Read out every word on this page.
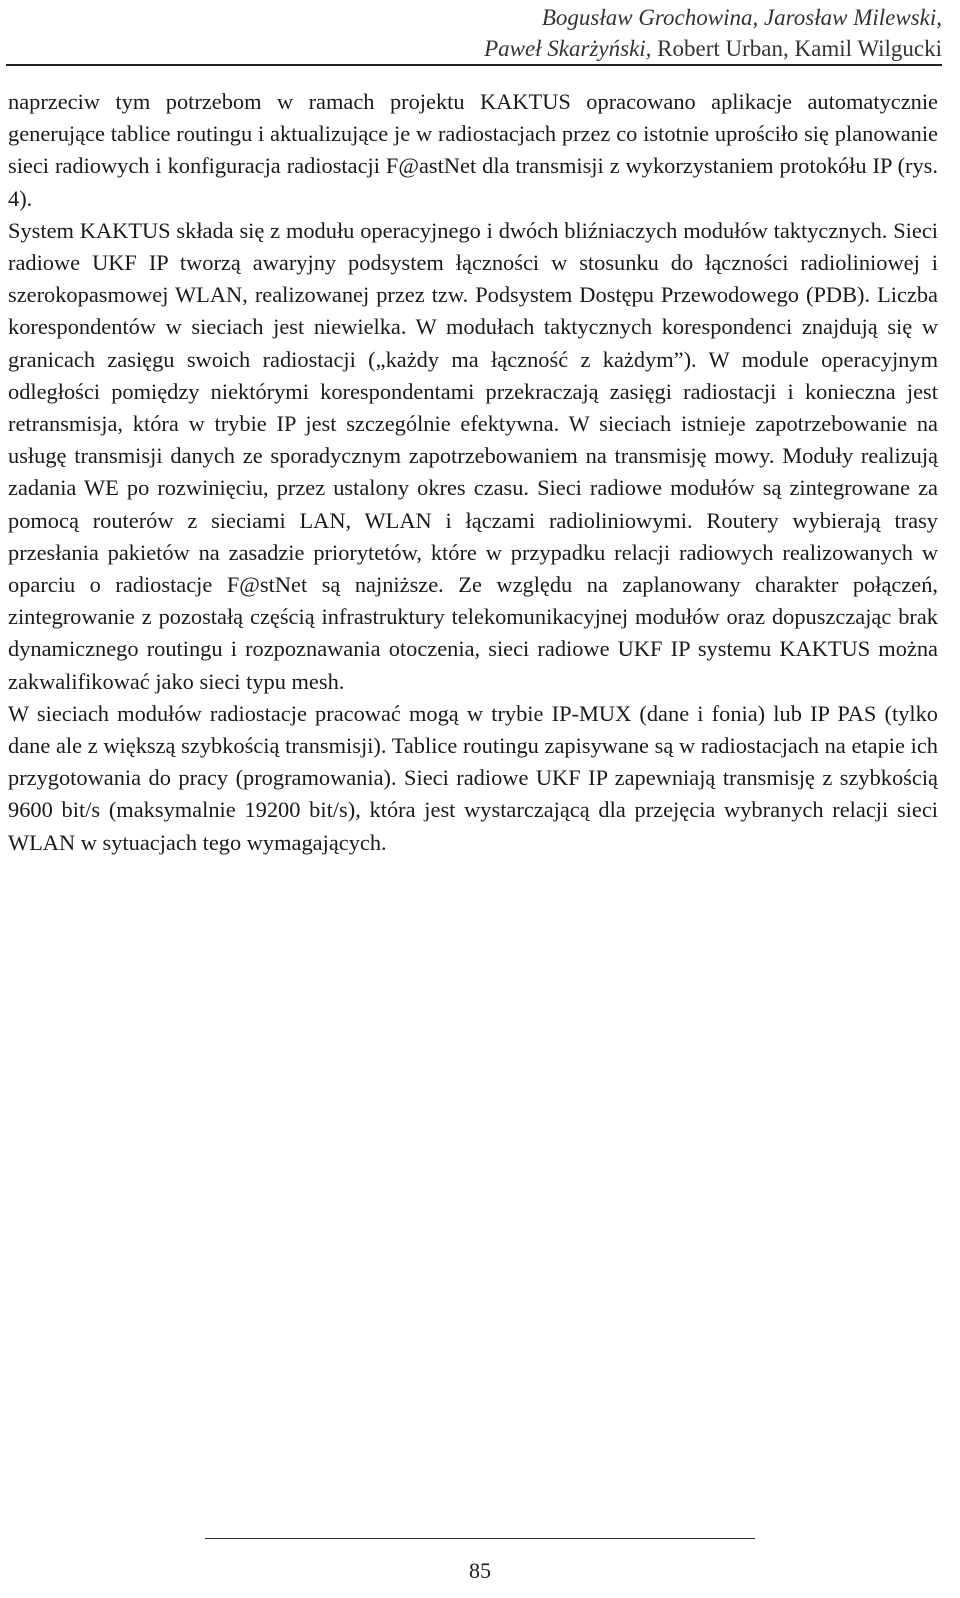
Bogusław Grochowina, Jarosław Milewski,
Paweł Skarżyński, Robert Urban, Kamil Wilgucki

naprzeciw tym potrzebom w ramach projektu KAKTUS opracowano aplikacje automatycznie generujące tablice routingu i aktualizujące je w radiostacjach przez co istotnie uprościło się planowanie sieci radiowych i konfiguracja radiostacji F@astNet dla transmisji z wykorzystaniem protokółu IP (rys. 4).

System KAKTUS składa się z modułu operacyjnego i dwóch bliźniaczych modułów taktycznych. Sieci radiowe UKF IP tworzą awaryjny podsystem łączności w stosunku do łączności radioliniowej i szerokopasmowej WLAN, realizowanej przez tzw. Podsystem Dostępu Przewodowego (PDB). Liczba korespondentów w sieciach jest niewielka. W modułach taktycznych korespondenci znajdują się w granicach zasięgu swoich radiostacji („każdy ma łączność z każdym”). W module operacyjnym odległości pomiędzy niektórymi korespondentami przekraczają zasięgi radiostacji i konieczna jest retransmisja, która w trybie IP jest szczególnie efektywna. W sieciach istnieje zapotrzebowanie na usługę transmisji danych ze sporadycznym zapotrzebowaniem na transmisję mowy. Moduły realizują zadania WE po rozwinięciu, przez ustalony okres czasu. Sieci radiowe modułów są zintegrowane za pomocą routerów z sieciami LAN, WLAN i łączami radioliniowymi. Routery wybierają trasy przesłania pakietów na zasadzie priorytetów, które w przypadku relacji radiowych realizowanych w oparciu o radiostacje F@stNet są najniższe. Ze względu na zaplanowany charakter połączeń, zintegrowanie z pozostałą częścią infrastruktury telekomunikacyjnej modułów oraz dopuszczając brak dynamicznego routingu i rozpoznawania otoczenia, sieci radiowe UKF IP systemu KAKTUS można zakwalifikować jako sieci typu mesh.

W sieciach modułów radiostacje pracować mogą w trybie IP-MUX (dane i fonia) lub IP PAS (tylko dane ale z większą szybkością transmisji). Tablice routingu zapisywane są w radiostacjach na etapie ich przygotowania do pracy (programowania). Sieci radiowe UKF IP zapewniają transmisję z szybkością 9600 bit/s (maksymalnie 19200 bit/s), która jest wystarczającą dla przejęcia wybranych relacji sieci WLAN w sytuacjach tego wymagających.

85
